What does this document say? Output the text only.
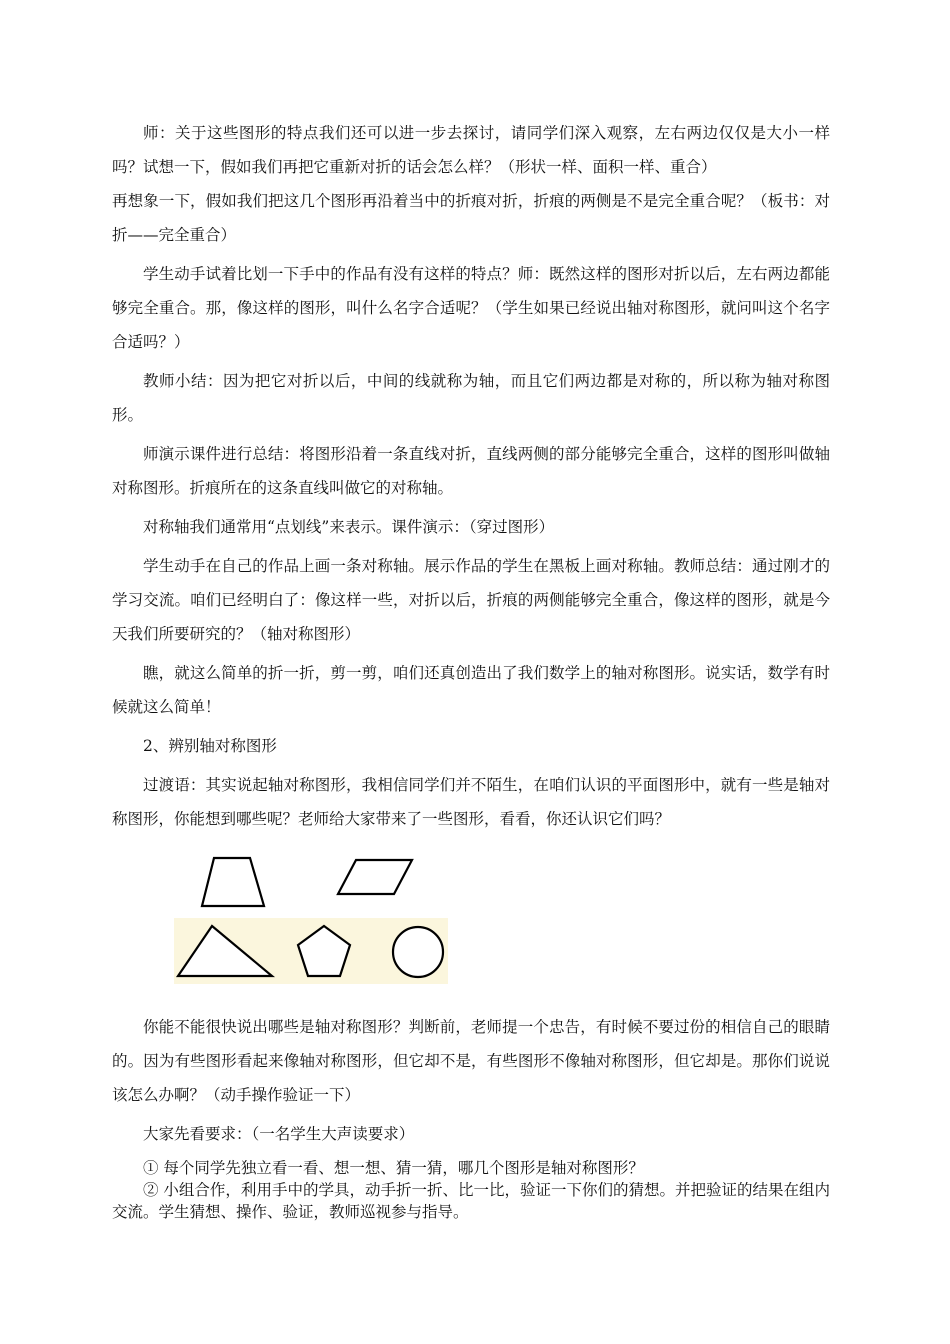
师：关于这些图形的特点我们还可以进一步去探讨，请同学们深入观察，左右两边仅仅是大小一样吗？试想一下，假如我们再把它重新对折的话会怎么样？（形状一样、面积一样、重合）

再想象一下，假如我们把这几个图形再沿着当中的折痕对折，折痕的两侧是不是完全重合呢？（板书：对折——完全重合）

学生动手试着比划一下手中的作品有没有这样的特点？师：既然这样的图形对折以后，左右两边都能够完全重合。那，像这样的图形，叫什么名字合适呢？（学生如果已经说出轴对称图形，就问叫这个名字合适吗？）

教师小结：因为把它对折以后，中间的线就称为轴，而且它们两边都是对称的，所以称为轴对称图形。

师演示课件进行总结：将图形沿着一条直线对折，直线两侧的部分能够完全重合，这样的图形叫做轴对称图形。折痕所在的这条直线叫做它的对称轴。

对称轴我们通常用“点划线”来表示。课件演示：（穿过图形）

学生动手在自己的作品上画一条对称轴。展示作品的学生在黑板上画对称轴。教师总结：通过刚才的学习交流。咱们已经明白了：像这样一些，对折以后，折痕的两侧能够完全重合，像这样的图形，就是今天我们所要研究的？（轴对称图形）

瞧，就这么简单的折一折，剪一剪，咱们还真创造出了我们数学上的轴对称图形。说实话，数学有时候就这么简单！

2、辨别轴对称图形

过渡语：其实说起轴对称图形，我相信同学们并不陌生，在咱们认识的平面图形中，就有一些是轴对称图形，你能想到哪些呢？老师给大家带来了一些图形，看看，你还认识它们吗？

你能不能很快说出哪些是轴对称图形？判断前，老师提一个忠告，有时候不要过份的相信自己的眼睛的。因为有些图形看起来像轴对称图形，但它却不是，有些图形不像轴对称图形，但它却是。那你们说说该怎么办啊？（动手操作验证一下）

大家先看要求：（一名学生大声读要求）

① 每个同学先独立看一看、想一想、猜一猜，哪几个图形是轴对称图形？

② 小组合作，利用手中的学具，动手折一折、比一比，验证一下你们的猜想。并把验证的结果在组内交流。学生猜想、操作、验证，教师巡视参与指导。
